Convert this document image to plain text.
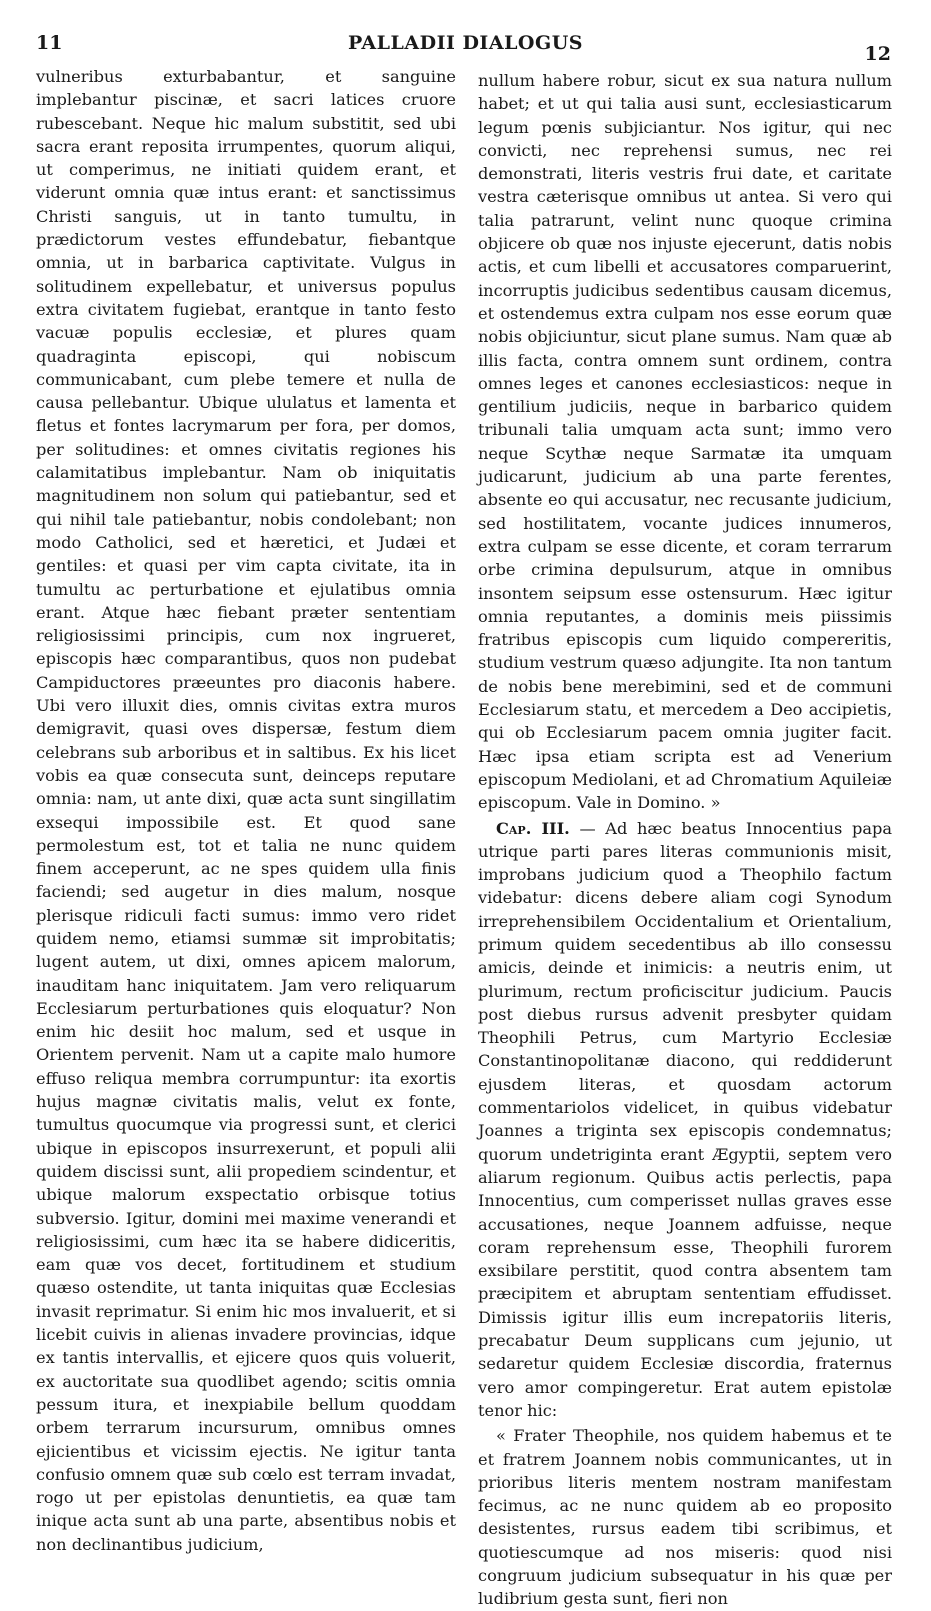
11	PALLADII DIALOGUS	12

vulneribus exturbabantur, et sanguine implebantur piscinæ, et sacri latices cruore rubescebant. Neque hic malum substitit, sed ubi sacra erant reposita irrumpentes, quorum aliqui, ut comperimus, ne initiati quidem erant, et viderunt omnia quæ intus erant: et sanctissimus Christi sanguis, ut in tanto tumultu, in prædictorum vestes effundebatur, fiebantque omnia, ut in barbarica captivitate. Vulgus in solitudinem expellebatur, et universus populus extra civitatem fugiebat, erantque in tanto festo vacuæ populis ecclesiæ, et plures quam quadraginta episcopi, qui nobiscum communicabant, cum plebe temere et nulla de causa pellebantur. Ubique ululatus et lamenta et fletus et fontes lacrymarum per fora, per domos, per solitudines: et omnes civitatis regiones his calamitatibus implebantur. Nam ob iniquitatis magnitudinem non solum qui patiebantur, sed et qui nihil tale patiebantur, nobis condolebant; non modo Catholici, sed et hæretici, et Judæi et gentiles: et quasi per vim capta civitate, ita in tumultu ac perturbatione et ejulatibus omnia erant. Atque hæc fiebant præter sententiam religiosissimi principis, cum nox ingrueret, episcopis hæc comparantibus, quos non pudebat Campiductores præeuntes pro diaconis habere. Ubi vero illuxit dies, omnis civitas extra muros demigravit, quasi oves dispersæ, festum diem celebrans sub arboribus et in saltibus. Ex his licet vobis ea quæ consecuta sunt, deinceps reputare omnia: nam, ut ante dixi, quæ acta sunt singillatim exsequi impossibile est. Et quod sane permolestum est, tot et talia ne nunc quidem finem acceperunt, ac ne spes quidem ulla finis faciendi; sed augetur in dies malum, nosque plerisque ridiculi facti sumus: immo vero ridet quidem nemo, etiamsi summæ sit improbitatis; lugent autem, ut dixi, omnes apicem malorum, inauditam hanc iniquitatem. Jam vero reliquarum Ecclesiarum perturbationes quis eloquatur? Non enim hic desiit hoc malum, sed et usque in Orientem pervenit. Nam ut a capite malo humore effuso reliqua membra corrumpuntur: ita exortis hujus magnæ civitatis malis, velut ex fonte, tumultus quocumque via progressi sunt, et clerici ubique in episcopos insurrexerunt, et populi alii quidem discissi sunt, alii propediem scindentur, et ubique malorum exspectatio orbisque totius subversio. Igitur, domini mei maxime venerandi et religiosissimi, cum hæc ita se habere didiceritis, eam quæ vos decet, fortitudinem et studium quæso ostendite, ut tanta iniquitas quæ Ecclesias invasit reprimatur. Si enim hic mos invaluerit, et si licebit cuivis in alienas invadere provincias, idque ex tantis intervallis, et ejicere quos quis voluerit, ex auctoritate sua quodlibet agendo; scitis omnia pessum itura, et inexpiabile bellum quoddam orbem terrarum incursurum, omnibus omnes ejicientibus et vicissim ejectis. Ne igitur tanta confusio omnem quæ sub cœlo est terram invadat, rogo ut per epistolas denuntietis, ea quæ tam inique acta sunt ab una parte, absentibus nobis et non declinantibus judicium,

nullum habere robur, sicut ex sua natura nullum habet; et ut qui talia ausi sunt, ecclesiasticarum legum pœnis subjiciantur. Nos igitur, qui nec convicti, nec reprehensi sumus, nec rei demonstrati, literis vestris frui date, et caritate vestra cæterisque omnibus ut antea. Si vero qui talia patrarunt, velint nunc quoque crimina objicere ob quæ nos injuste ejecerunt, datis nobis actis, et cum libelli et accusatores comparuerint, incorruptis judicibus sedentibus causam dicemus, et ostendemus extra culpam nos esse eorum quæ nobis objiciuntur, sicut plane sumus. Nam quæ ab illis facta, contra omnem sunt ordinem, contra omnes leges et canones ecclesiasticos: neque in gentilium judiciis, neque in barbarico quidem tribunali talia umquam acta sunt; immo vero neque Scythæ neque Sarmatæ ita umquam judicarunt, judicium ab una parte ferentes, absente eo qui accusatur, nec recusante judicium, sed hostilitatem, vocante judices innumeros, extra culpam se esse dicente, et coram terrarum orbe crimina depulsurum, atque in omnibus insontem seipsum esse ostensurum. Hæc igitur omnia reputantes, a dominis meis piissimis fratribus episcopis cum liquido compereritis, studium vestrum quæso adjungite. Ita non tantum de nobis bene merebimini, sed et de communi Ecclesiarum statu, et mercedem a Deo accipietis, qui ob Ecclesiarum pacem omnia jugiter facit. Hæc ipsa etiam scripta est ad Venerium episcopum Mediolani, et ad Chromatium Aquileiæ episcopum. Vale in Domino. »

Cap. III. — Ad hæc beatus Innocentius papa utrique parti pares literas communionis misit, improbans judicium quod a Theophilo factum videbatur: dicens debere aliam cogi Synodum irreprehensibilem Occidentalium et Orientalium, primum quidem secedentibus ab illo consessu amicis, deinde et inimicis: a neutris enim, ut plurimum, rectum proficiscitur judicium. Paucis post diebus rursus advenit presbyter quidam Theophili Petrus, cum Martyrio Ecclesiæ Constantinopolitanæ diacono, qui reddiderunt ejusdem literas, et quosdam actorum commentariolos videlicet, in quibus videbatur Joannes a triginta sex episcopis condemnatus; quorum undetriginta erant Ægyptii, septem vero aliarum regionum. Quibus actis perlectis, papa Innocentius, cum comperisset nullas graves esse accusationes, neque Joannem adfuisse, neque coram reprehensum esse, Theophili furorem exsibilare perstitit, quod contra absentem tam præcipitem et abruptam sententiam effudisset. Dimissis igitur illis eum increpatoriis literis, precabatur Deum supplicans cum jejunio, ut sedaretur quidem Ecclesiæ discordia, fraternus vero amor compingeretur. Erat autem epistolæ tenor hic:

« Frater Theophile, nos quidem habemus et te et fratrem Joannem nobis communicantes, ut in prioribus literis mentem nostram manifestam fecimus, ac ne nunc quidem ab eo proposito desistentes, rursus eadem tibi scribimus, et quotiescumque ad nos miseris: quod nisi congruum judicium subsequatur in his quæ per ludibrium gesta sunt, fieri non
